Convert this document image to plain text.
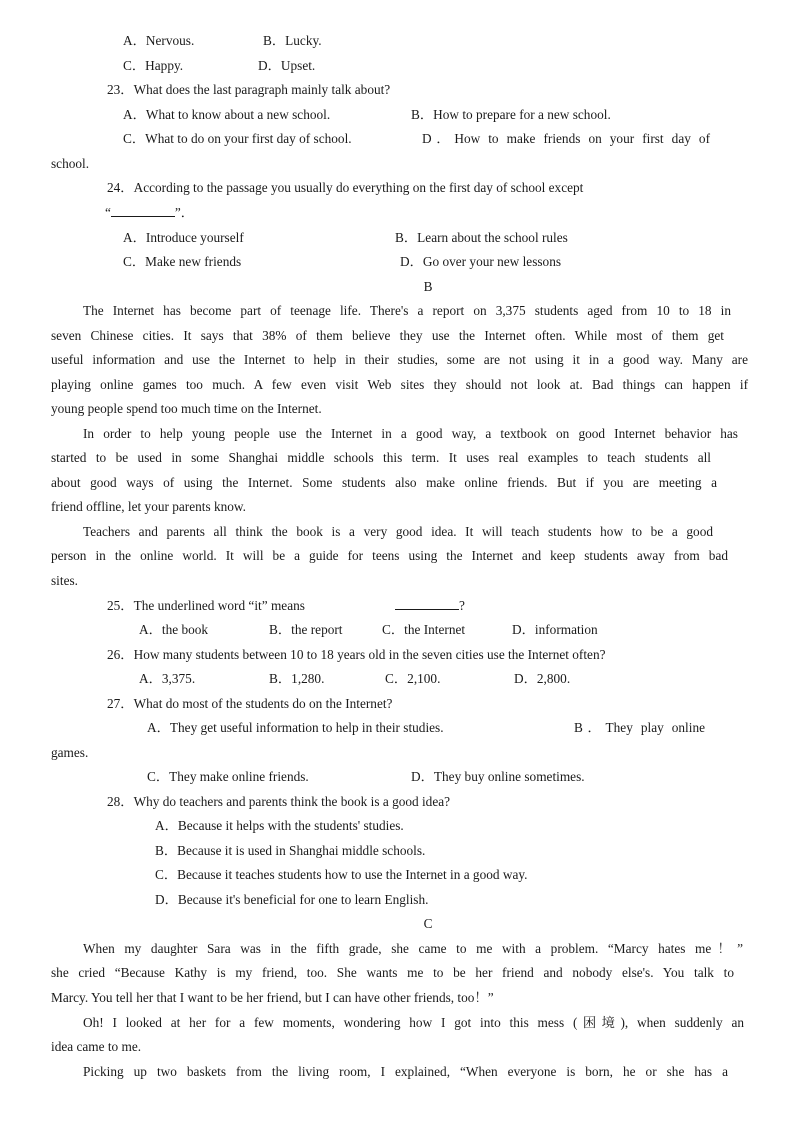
A．Nervous.	B．Lucky.
C．Happy.	D．Upset.
23．What does the last paragraph mainly talk about?
A．What to know about a new school.	B．How to prepare for a new school.
C．What to do on your first day of school.	D．How to make friends on your first day of
school.
24．According to the passage you usually do everything on the first day of school except
“	”．
A．Introduce yourself	B．Learn about the school rules
C．Make new friends	D．Go over your new lessons
B
The Internet has become part of teenage life. There's a report on 3,375 students aged from 10 to 18 in
seven Chinese cities. It says that 38% of them believe they use the Internet often. While most of them get
useful information and use the Internet to help in their studies, some are not using it in a good way. Many are
playing online games too much. A few even visit Web sites they should not look at. Bad things can happen if
young people spend too much time on the Internet.
In order to help young people use the Internet in a good way, a textbook on good Internet behavior has
started to be used in some Shanghai middle schools this term. It uses real examples to teach students all
about good ways of using the Internet. Some students also make online friends. But if you are meeting a
friend offline, let your parents know.
Teachers and parents all think the book is a very good idea. It will teach students how to be a good
person in the online world. It will be a guide for teens using the Internet and keep students away from bad
sites.
25．The underlined word “it” means	?
A．the book	B．the report	C．the Internet	D．information
26．How many students between 10 to 18 years old in the seven cities use the Internet often?
A．3,375.	B．1,280.	C．2,100.	D．2,800.
27．What do most of the students do on the Internet?
A．They get useful information to help in their studies.	B．They play online
games.
C．They make online friends.	D．They buy online sometimes.
28．Why do teachers and parents think the book is a good idea?
A．Because it helps with the students' studies.
B．Because it is used in Shanghai middle schools.
C．Because it teaches students how to use the Internet in a good way.
D．Because it's beneficial for one to learn English.
C
When my daughter Sara was in the fifth grade, she came to me with a problem. “Marcy hates me！”
she cried “Because Kathy is my friend, too. She wants me to be her friend and nobody else's. You talk to
Marcy. You tell her that I want to be her friend, but I can have other friends, too！”
Oh! I looked at her for a few moments, wondering how I got into this mess (困境), when suddenly an
idea came to me.
Picking up two baskets from the living room, I explained, “When everyone is born, he or she has a
